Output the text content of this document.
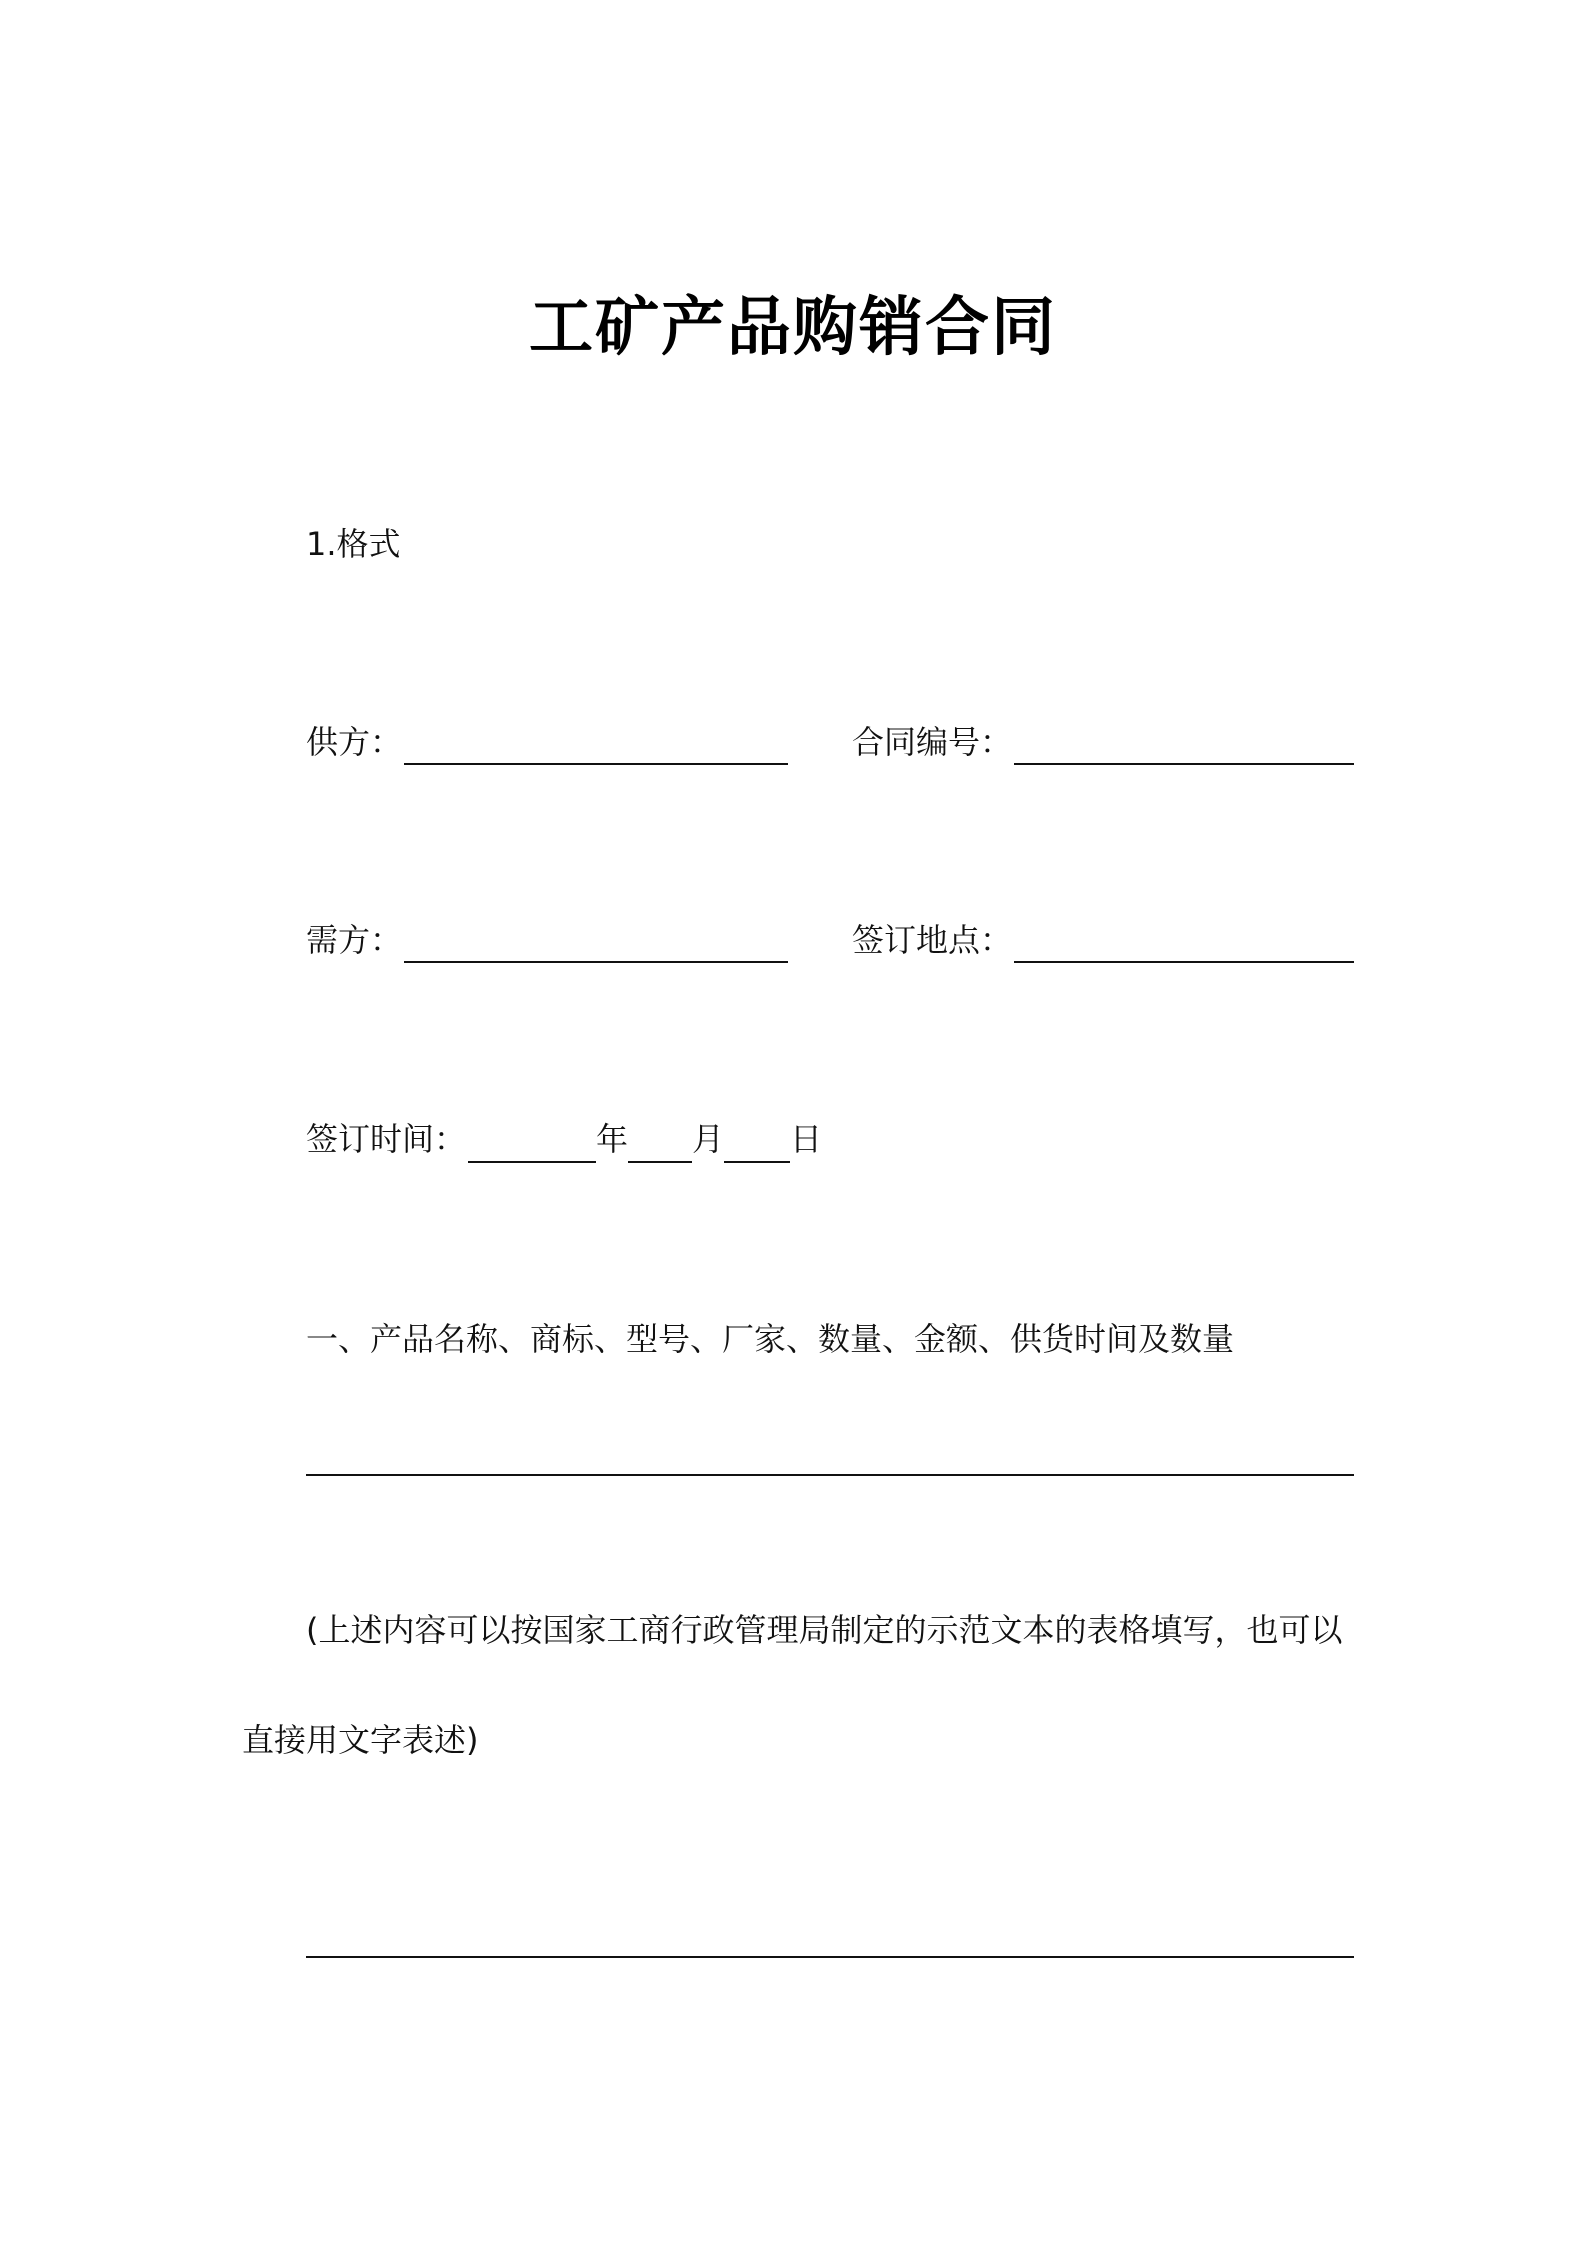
工矿产品购销合同
1.格式
供方：	合同编号：
需方：	签订地点：
签订时间：	年 月 日
一、产品名称、商标、型号、厂家、数量、金额、供货时间及数量
(上述内容可以按国家工商行政管理局制定的示范文本的表格填写，也可以
直接用文字表述)
